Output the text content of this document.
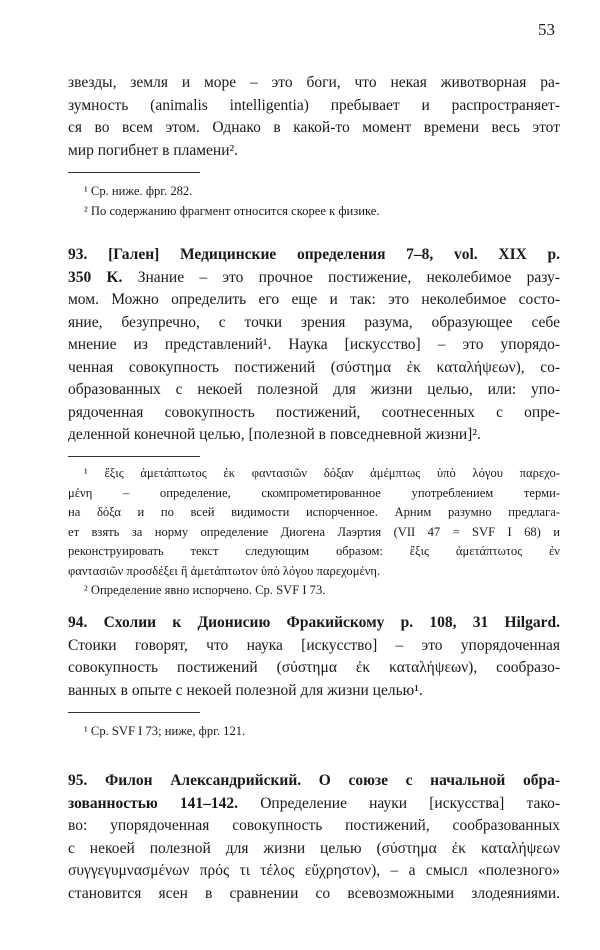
53
звезды, земля и море – это боги, что некая животворная ра-
зумность (animalis intelligentia) пребывает и распространяет-
ся во всем этом. Однако в какой-то момент времени весь этот
мир погибнет в пламени².
¹ Ср. ниже. фрг. 282.
² По содержанию фрагмент относится скорее к физике.
93. [Гален] Медицинские определения 7–8, vol. XIX p.
350 K. Знание – это прочное постижение, неколебимое разу-
мом. Можно определить его еще и так: это неколебимое состо-
яние, безупречно, с точки зрения разума, образующее себе
мнение из представлений¹. Наука [искусство] – это упорядо-
ченная совокупность постижений (σύστημα ἐκ καταλήψεων), со-
образованных с некоей полезной для жизни целью, или: упо-
рядоченная совокупность постижений, соотнесенных с опре-
деленной конечной целью, [полезной в повседневной жизни]².
¹ ἕξις ἀμετάπτωτος ἐκ φαντασιῶν δόξαν ἀμέμπτως ὑπὸ λόγου παρεχο-
μένη – определение, скомпрометированное употреблением терми-
на δόξα и по всей видимости испорченное. Арним разумно предлага-
ет взять за норму определение Диогена Лаэртия (VII 47 = SVF I 68) и
реконструировать текст следующим образом: ἕξις ἀμετάπτωτος ἐν
φαντασιῶν προσδέξει ἢ ἀμετάπτωτον ὑπὸ λόγου παρεχομένη.
² Определение явно испорчено. Ср. SVF I 73.
94. Схолии к Дионисию Фракийскому p. 108, 31 Hilgard.
Стоики говорят, что наука [искусство] – это упорядоченная
совокупность постижений (σύστημα ἐκ καταλήψεων), сообразо-
ванных в опыте с некоей полезной для жизни целью¹.
¹ Ср. SVF I 73; ниже, фрг. 121.
95. Филон Александрийский. О союзе с начальной обра-
зованностью 141–142. Определение науки [искусства] тако-
во: упорядоченная совокупность постижений, сообразованных
с некоей полезной для жизни целью (σύστημα ἐκ καταλήψεων
συγγεγυμνασμένων πρός τι τέλος εὔχρηστον), – а смысл «полезного»
становится ясен в сравнении со всевозможными злодеяниями.
